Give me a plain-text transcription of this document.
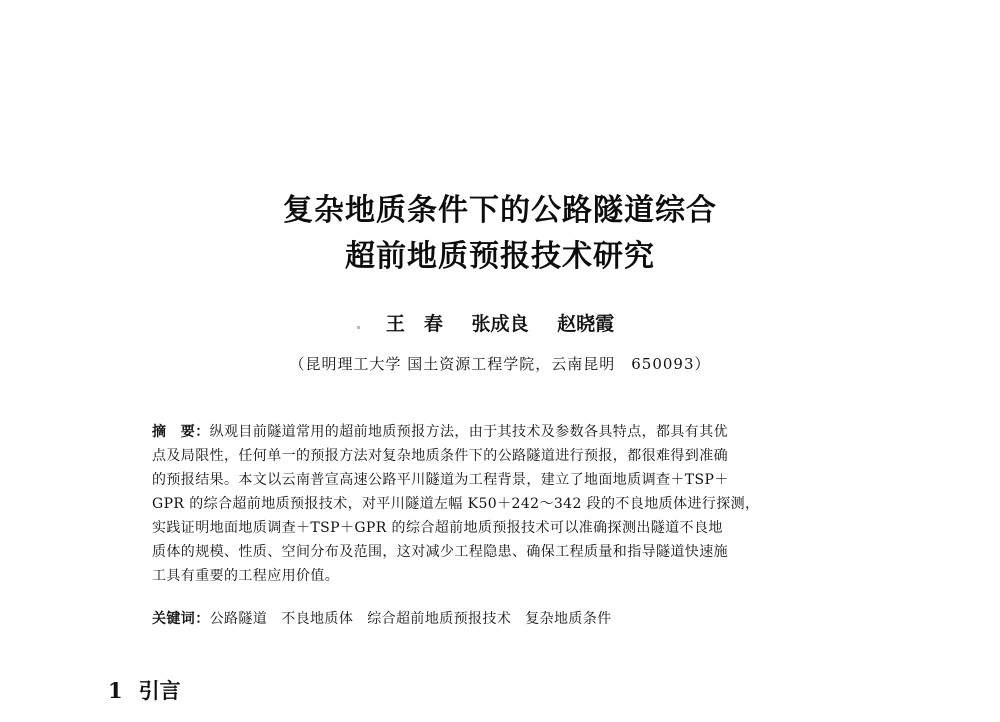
复杂地质条件下的公路隧道综合
超前地质预报技术研究
王　春 张成良 赵晓霞
（昆明理工大学 国土资源工程学院，云南昆明　650093）
摘　要：纵观目前隧道常用的超前地质预报方法，由于其技术及参数各具特点，都具有其优
点及局限性，任何单一的预报方法对复杂地质条件下的公路隧道进行预报，都很难得到准确
的预报结果。本文以云南普宣高速公路平川隧道为工程背景，建立了地面地质调查＋TSP＋
GPR 的综合超前地质预报技术，对平川隧道左幅 K50＋242～342 段的不良地质体进行探测，
实践证明地面地质调查＋TSP＋GPR 的综合超前地质预报技术可以准确探测出隧道不良地
质体的规模、性质、空间分布及范围，这对减少工程隐患、确保工程质量和指导隧道快速施
工具有重要的工程应用价值。
关键词：公路隧道 不良地质体 综合超前地质预报技术 复杂地质条件
1 引言
